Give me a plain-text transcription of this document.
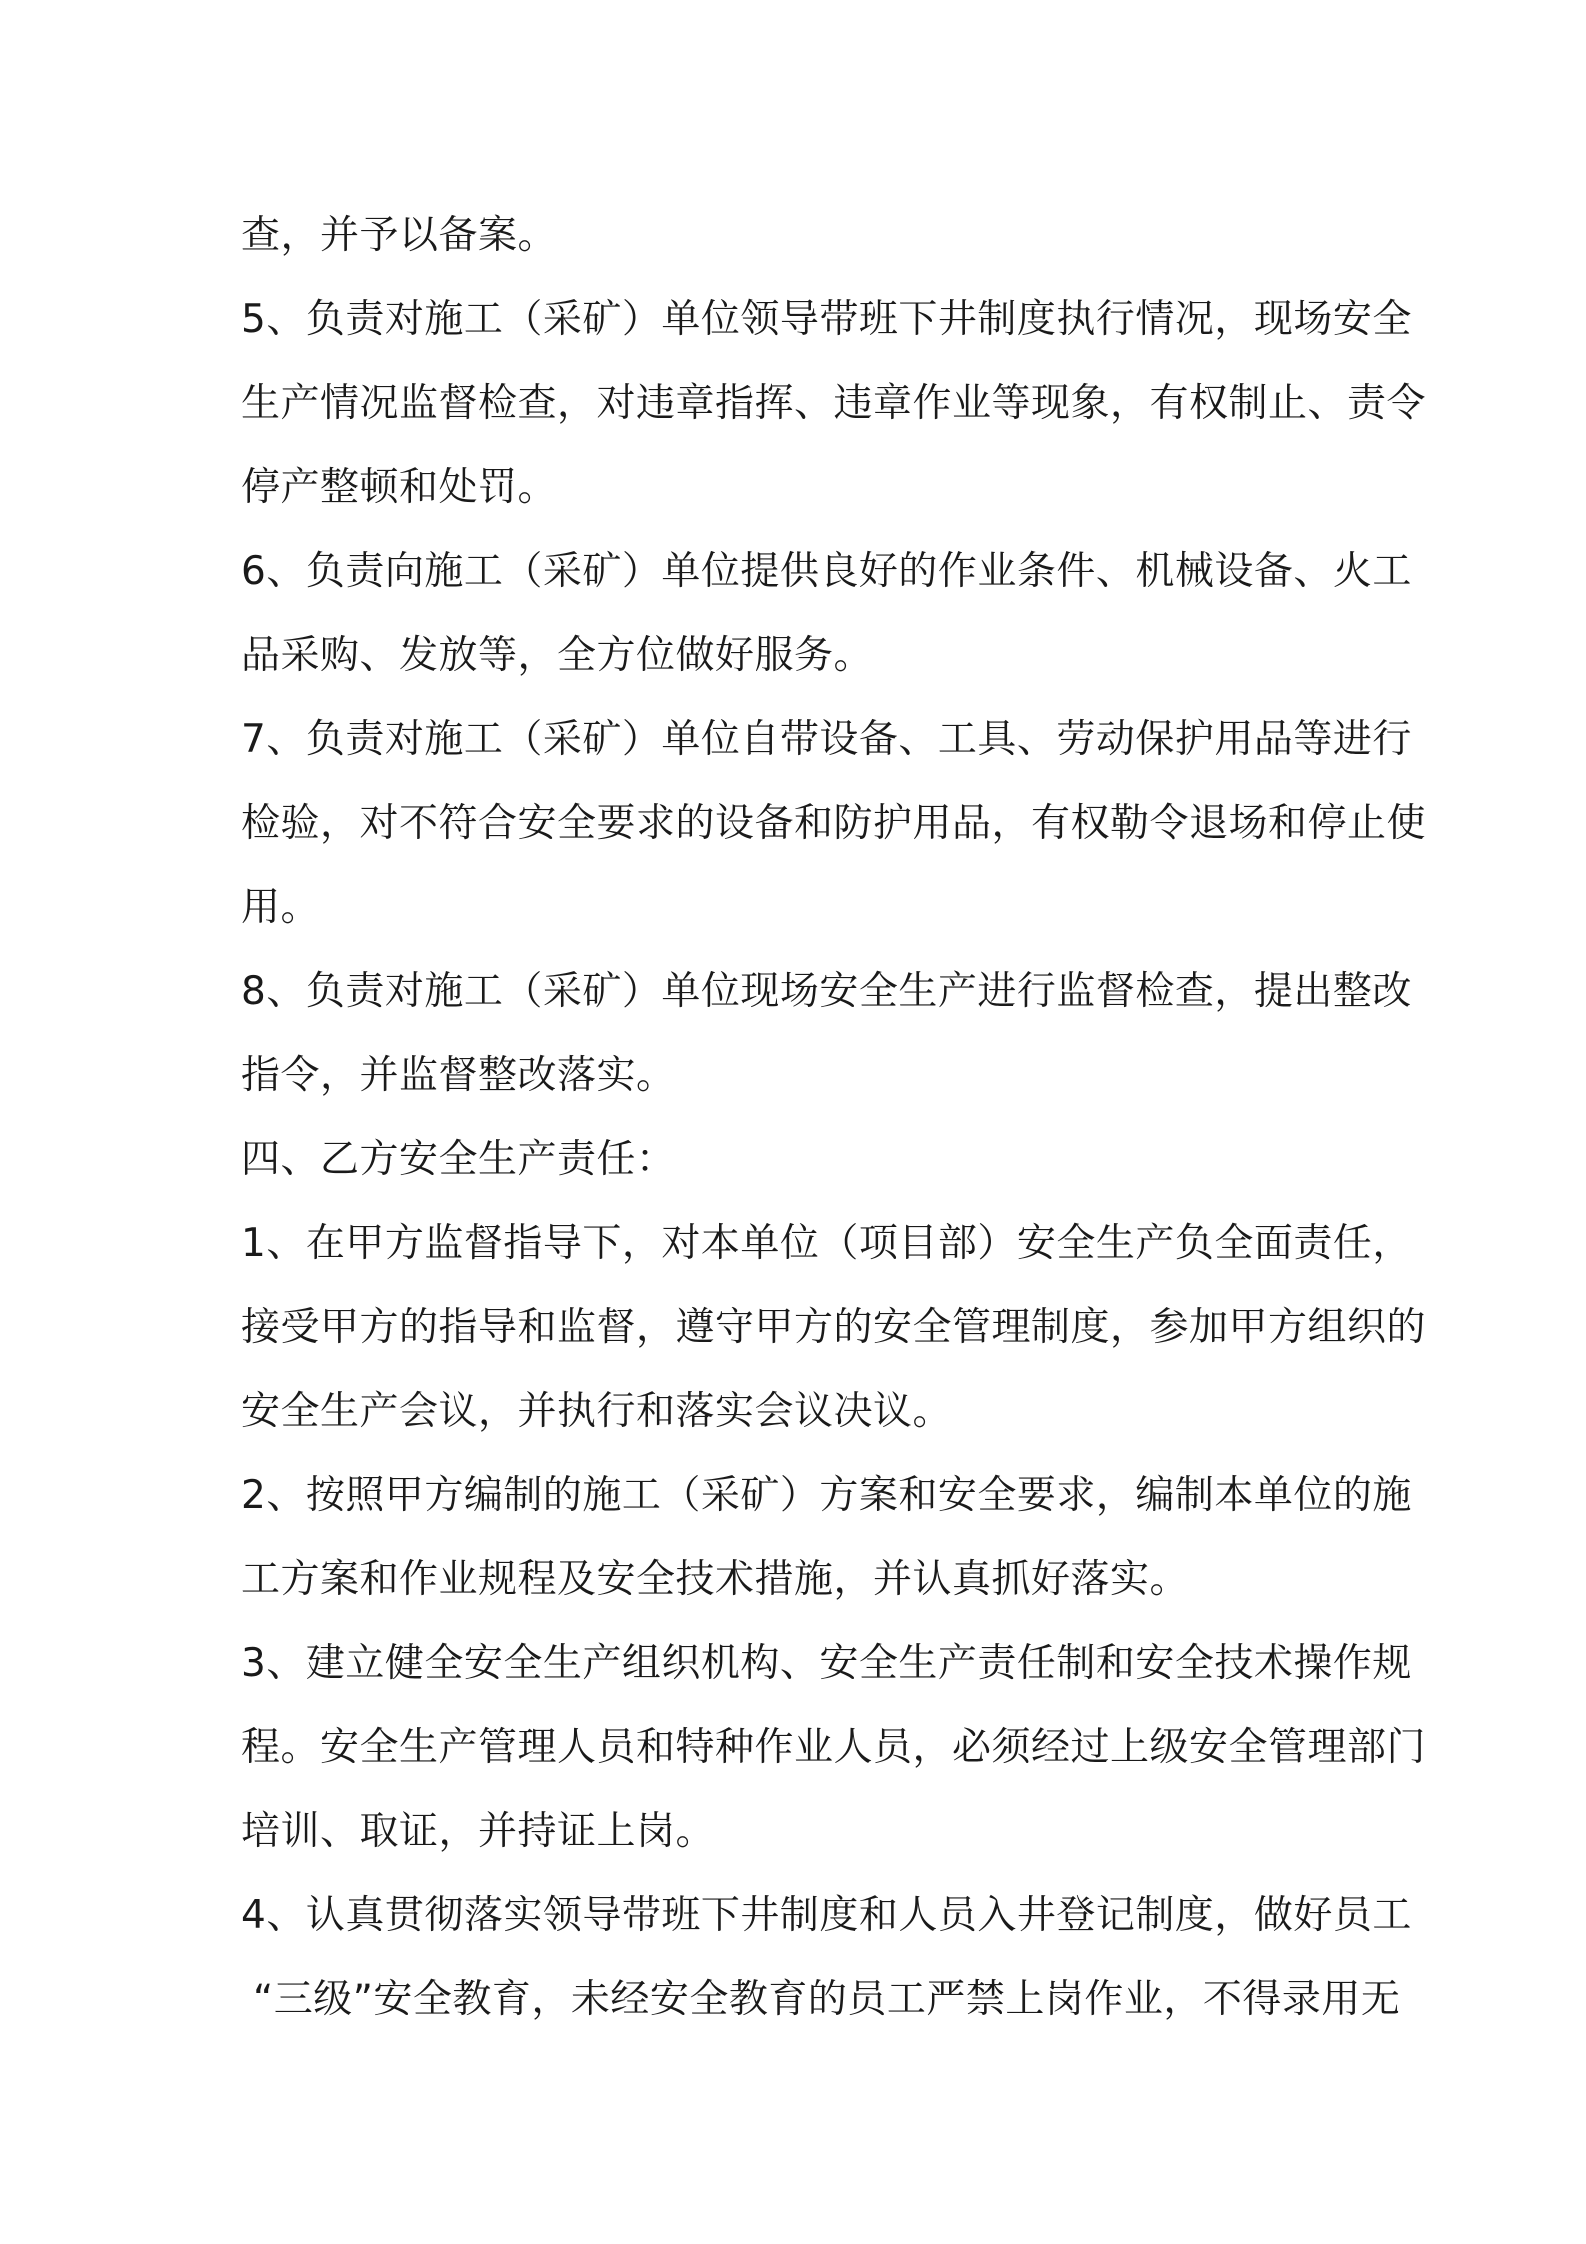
查，并予以备案。

5、负责对施工（采矿）单位领导带班下井制度执行情况，现场安全
生产情况监督检查，对违章指挥、违章作业等现象，有权制止、责令
停产整顿和处罚。

6、负责向施工（采矿）单位提供良好的作业条件、机械设备、火工
品采购、发放等，全方位做好服务。

7、负责对施工（采矿）单位自带设备、工具、劳动保护用品等进行
检验，对不符合安全要求的设备和防护用品，有权勒令退场和停止使
用。

8、负责对施工（采矿）单位现场安全生产进行监督检查，提出整改
指令，并监督整改落实。

四、乙方安全生产责任：

1、在甲方监督指导下，对本单位（项目部）安全生产负全面责任，
接受甲方的指导和监督，遵守甲方的安全管理制度，参加甲方组织的
安全生产会议，并执行和落实会议决议。

2、按照甲方编制的施工（采矿）方案和安全要求，编制本单位的施
工方案和作业规程及安全技术措施，并认真抓好落实。

3、建立健全安全生产组织机构、安全生产责任制和安全技术操作规
程。安全生产管理人员和特种作业人员，必须经过上级安全管理部门
培训、取证，并持证上岗。

4、认真贯彻落实领导带班下井制度和人员入井登记制度，做好员工
“三级”安全教育，未经安全教育的员工严禁上岗作业，不得录用无
